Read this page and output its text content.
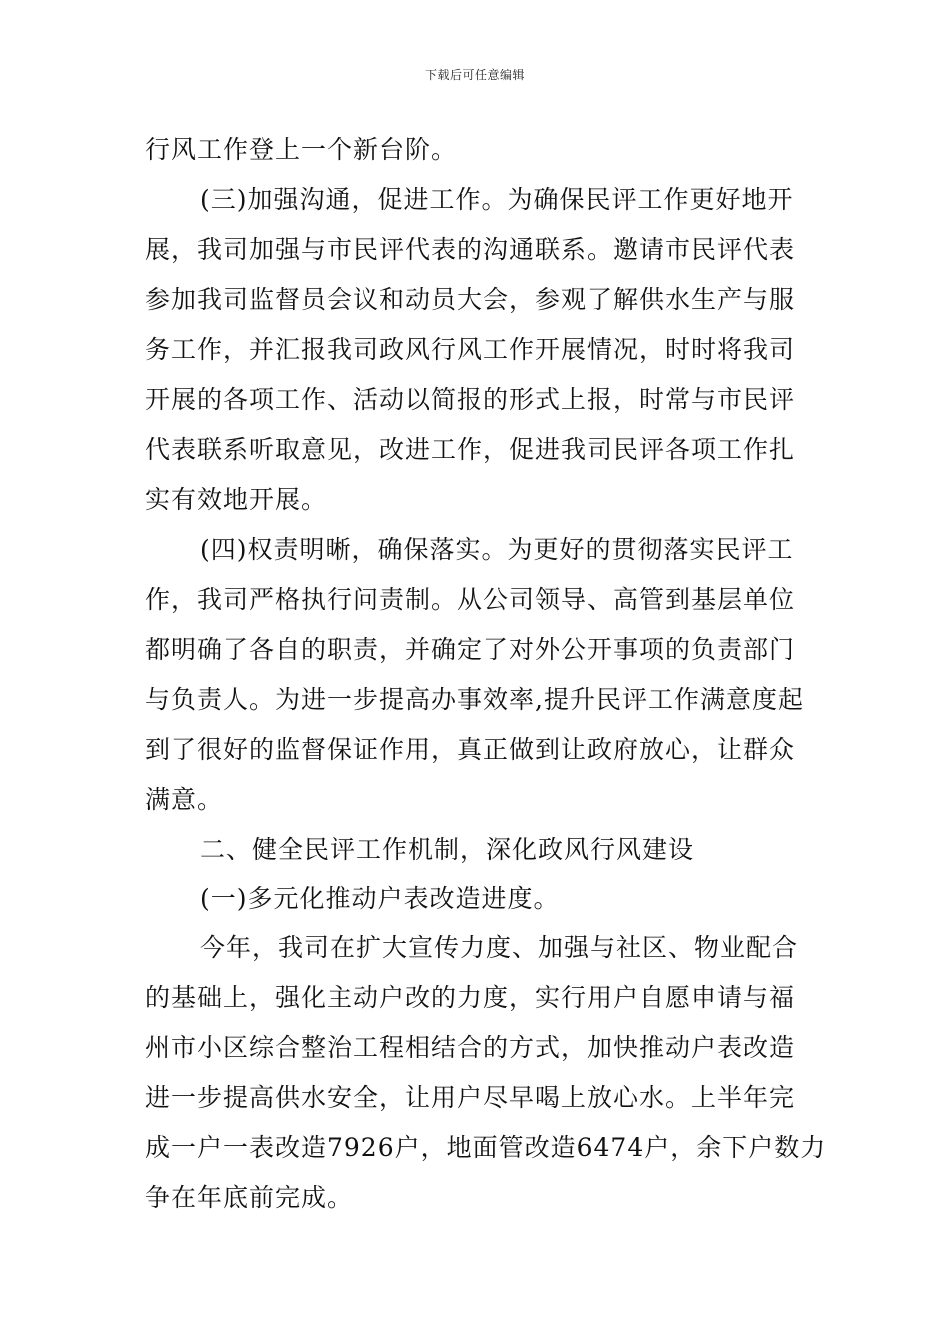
下载后可任意编辑
行风工作登上一个新台阶。
(三)加强沟通，促进工作。为确保民评工作更好地开
展，我司加强与市民评代表的沟通联系。邀请市民评代表
参加我司监督员会议和动员大会，参观了解供水生产与服
务工作，并汇报我司政风行风工作开展情况，时时将我司
开展的各项工作、活动以简报的形式上报，时常与市民评
代表联系听取意见，改进工作，促进我司民评各项工作扎
实有效地开展。
(四)权责明晰，确保落实。为更好的贯彻落实民评工
作，我司严格执行问责制。从公司领导、高管到基层单位
都明确了各自的职责，并确定了对外公开事项的负责部门
与负责人。为进一步提高办事效率,提升民评工作满意度起
到了很好的监督保证作用，真正做到让政府放心，让群众
满意。
二、健全民评工作机制，深化政风行风建设
(一)多元化推动户表改造进度。
今年，我司在扩大宣传力度、加强与社区、物业配合
的基础上，强化主动户改的力度，实行用户自愿申请与福
州市小区综合整治工程相结合的方式，加快推动户表改造
进一步提高供水安全，让用户尽早喝上放心水。上半年完
成一户一表改造7926户，地面管改造6474户，余下户数力
争在年底前完成。
